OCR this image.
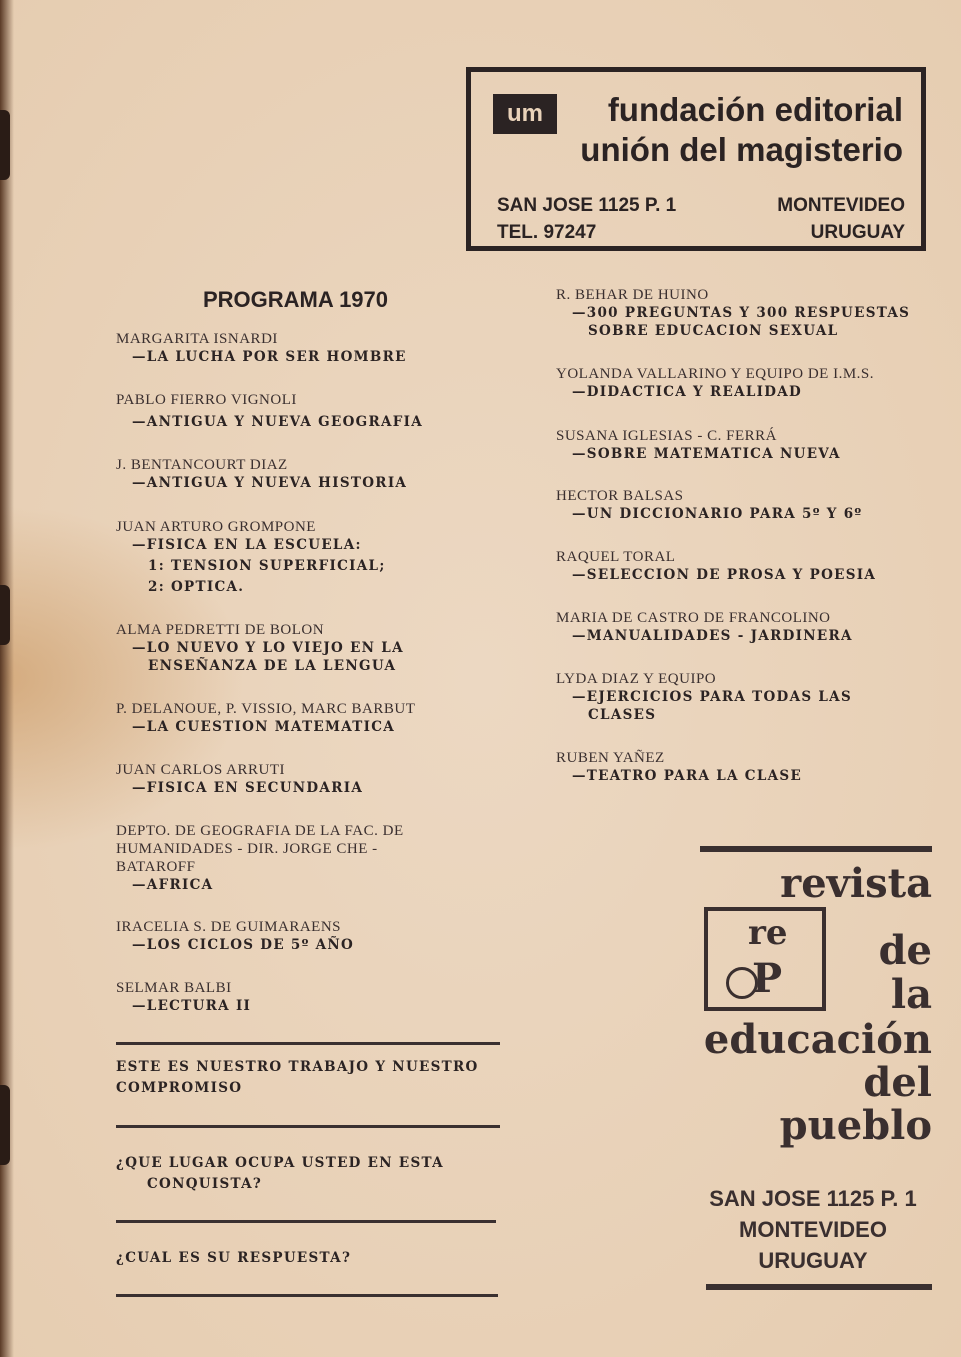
um	fundación editorial
unión del magisterio
SAN JOSE 1125 P. 1
TEL. 97247
MONTEVIDEO
URUGUAY
PROGRAMA 1970
MARGARITA ISNARDI
—LA LUCHA POR SER HOMBRE
PABLO FIERRO VIGNOLI
—ANTIGUA Y NUEVA GEOGRAFIA
J. BENTANCOURT DIAZ
—ANTIGUA Y NUEVA HISTORIA
JUAN ARTURO GROMPONE
—FISICA EN LA ESCUELA:
1: TENSION SUPERFICIAL;
2: OPTICA.
ALMA PEDRETTI DE BOLON
—LO NUEVO Y LO VIEJO EN LA
ENSEÑANZA DE LA LENGUA
P. DELANOUE, P. VISSIO, MARC BARBUT
—LA CUESTION MATEMATICA
JUAN CARLOS ARRUTI
—FISICA EN SECUNDARIA
DEPTO. DE GEOGRAFIA DE LA FAC. DE
HUMANIDADES - DIR. JORGE CHE -
BATAROFF
—AFRICA
IRACELIA S. DE GUIMARAENS
—LOS CICLOS DE 5º AÑO
SELMAR BALBI
—LECTURA II
R. BEHAR DE HUINO
—300 PREGUNTAS Y 300 RESPUESTAS
SOBRE EDUCACION SEXUAL
YOLANDA VALLARINO Y EQUIPO DE I.M.S.
—DIDACTICA Y REALIDAD
SUSANA IGLESIAS - C. FERRÁ
—SOBRE MATEMATICA NUEVA
HECTOR BALSAS
—UN DICCIONARIO PARA 5º Y 6º
RAQUEL TORAL
—SELECCION DE PROSA Y POESIA
MARIA DE CASTRO DE FRANCOLINO
—MANUALIDADES - JARDINERA
LYDA DIAZ Y EQUIPO
—EJERCICIOS PARA TODAS LAS
CLASES
RUBEN YAÑEZ
—TEATRO PARA LA CLASE
ESTE ES NUESTRO TRABAJO Y NUESTRO
COMPROMISO
¿QUE LUGAR OCUPA USTED EN ESTA
CONQUISTA?
¿CUAL ES SU RESPUESTA?
revista
re
P
de
la
educación
del
pueblo
SAN JOSE 1125 P. 1
MONTEVIDEO
URUGUAY
